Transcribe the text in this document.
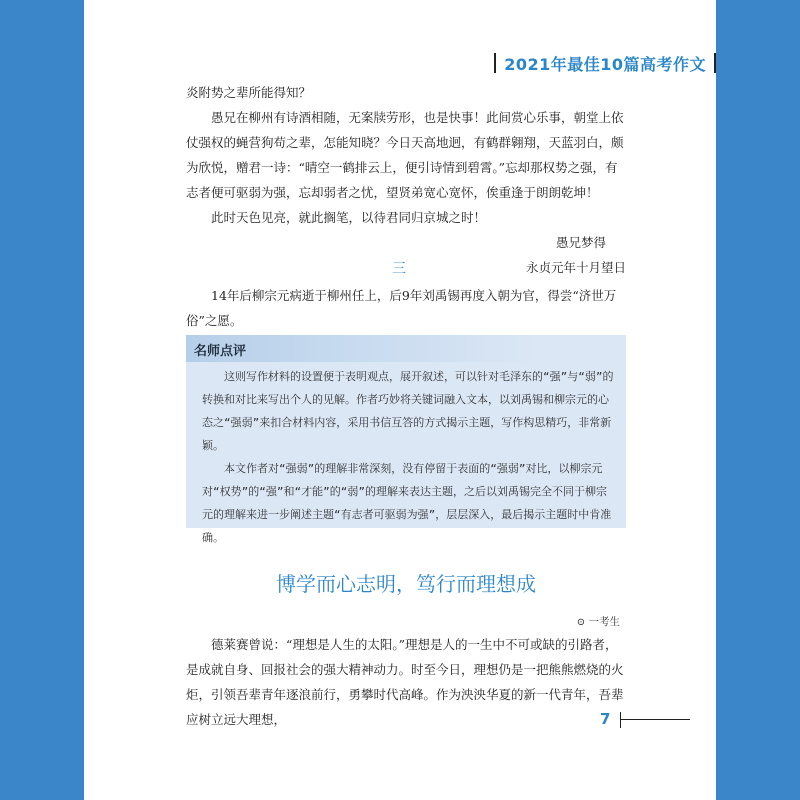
2021年最佳10篇高考作文

炎附势之辈所能得知？

愚兄在柳州有诗酒相随，无案牍劳形，也是快事！此间赏心乐事，朝堂上依仗强权的蝇营狗苟之辈，怎能知晓？今日天高地迥，有鹤群翱翔，天蓝羽白，颇为欣悦，赠君一诗：“晴空一鹤排云上，便引诗情到碧霄。”忘却那权势之强，有志者便可驱弱为强，忘却弱者之忧，望贤弟宽心宽怀，俟重逢于朗朗乾坤！

此时天色见亮，就此搁笔，以待君同归京城之时！

愚兄梦得

永贞元年十月望日

三

14年后柳宗元病逝于柳州任上，后9年刘禹锡再度入朝为官，得尝“济世万俗”之愿。

名师点评

这则写作材料的设置便于表明观点，展开叙述，可以针对毛泽东的“强”与“弱”的转换和对比来写出个人的见解。作者巧妙将关键词融入文本，以刘禹锡和柳宗元的心态之“强弱”来扣合材料内容，采用书信互答的方式揭示主题，写作构思精巧，非常新颖。

本文作者对“强弱”的理解非常深刻，没有停留于表面的“强弱”对比，以柳宗元对“权势”的“强”和“才能”的“弱”的理解来表达主题，之后以刘禹锡完全不同于柳宗元的理解来进一步阐述主题“有志者可驱弱为强”，层层深入，最后揭示主题时中肯准确。

博学而心志明，笃行而理想成
⊙ 一考生

德莱赛曾说：“理想是人生的太阳。”理想是人的一生中不可或缺的引路者，是成就自身、回报社会的强大精神动力。时至今日，理想仍是一把熊熊燃烧的火炬，引领吾辈青年逐浪前行，勇攀时代高峰。作为泱泱华夏的新一代青年，吾辈应树立远大理想，	7
